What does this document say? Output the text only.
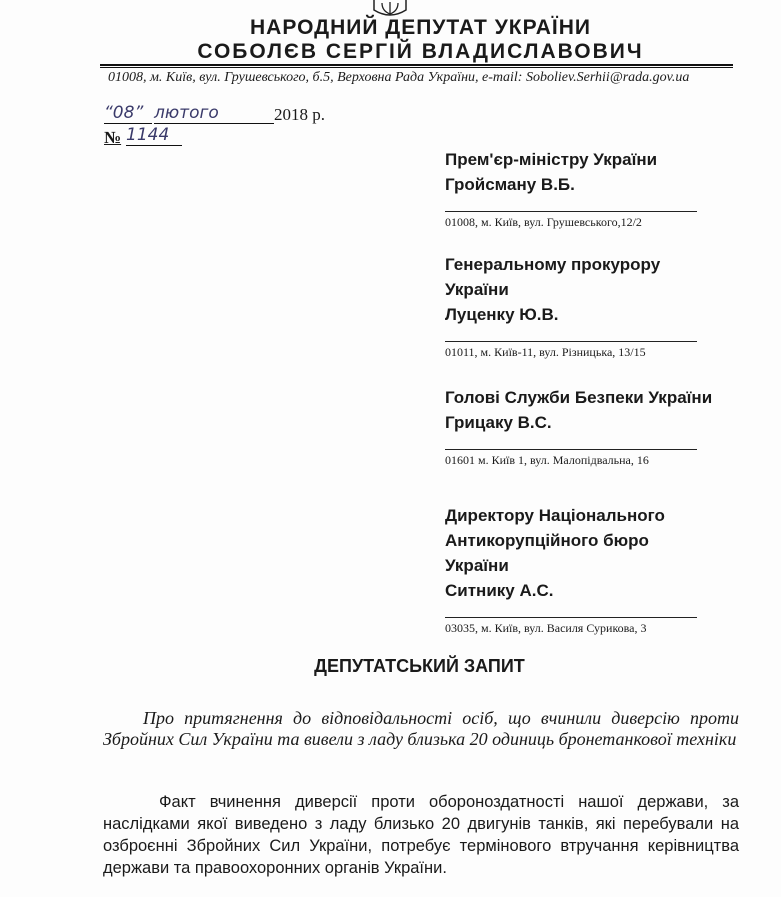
НАРОДНИЙ ДЕПУТАТ УКРАЇНИ
СОБОЛЄВ СЕРГІЙ ВЛАДИСЛАВОВИЧ
01008, м. Київ, вул. Грушевського, б.5, Верховна Рада України, e-mail: Soboliev.Serhii@rada.gov.ua
“08” лютого	2018 р.
№ 1144
Прем'єр-міністру України
Гройсману В.Б.
01008, м. Київ, вул. Грушевського,12/2
Генеральному прокурору
України
Луценку Ю.В.
01011, м. Київ-11, вул. Різницька, 13/15
Голові Служби Безпеки України
Грицаку В.С.
01601 м. Київ 1, вул. Малопідвальна, 16
Директору Національного
Антикорупційного бюро
України
Ситнику А.С.
03035, м. Київ, вул. Василя Сурикова, 3
ДЕПУТАТСЬКИЙ ЗАПИТ
Про притягнення до відповідальності осіб, що вчинили диверсію проти Збройних Сил України та вивели з ладу близька 20 одиниць бронетанкової техніки
Факт вчинення диверсії проти обороноздатності нашої держави, за наслідками якої виведено з ладу близько 20 двигунів танків, які перебували на озброєнні Збройних Сил України, потребує термінового втручання керівництва держави та правоохоронних органів України.
